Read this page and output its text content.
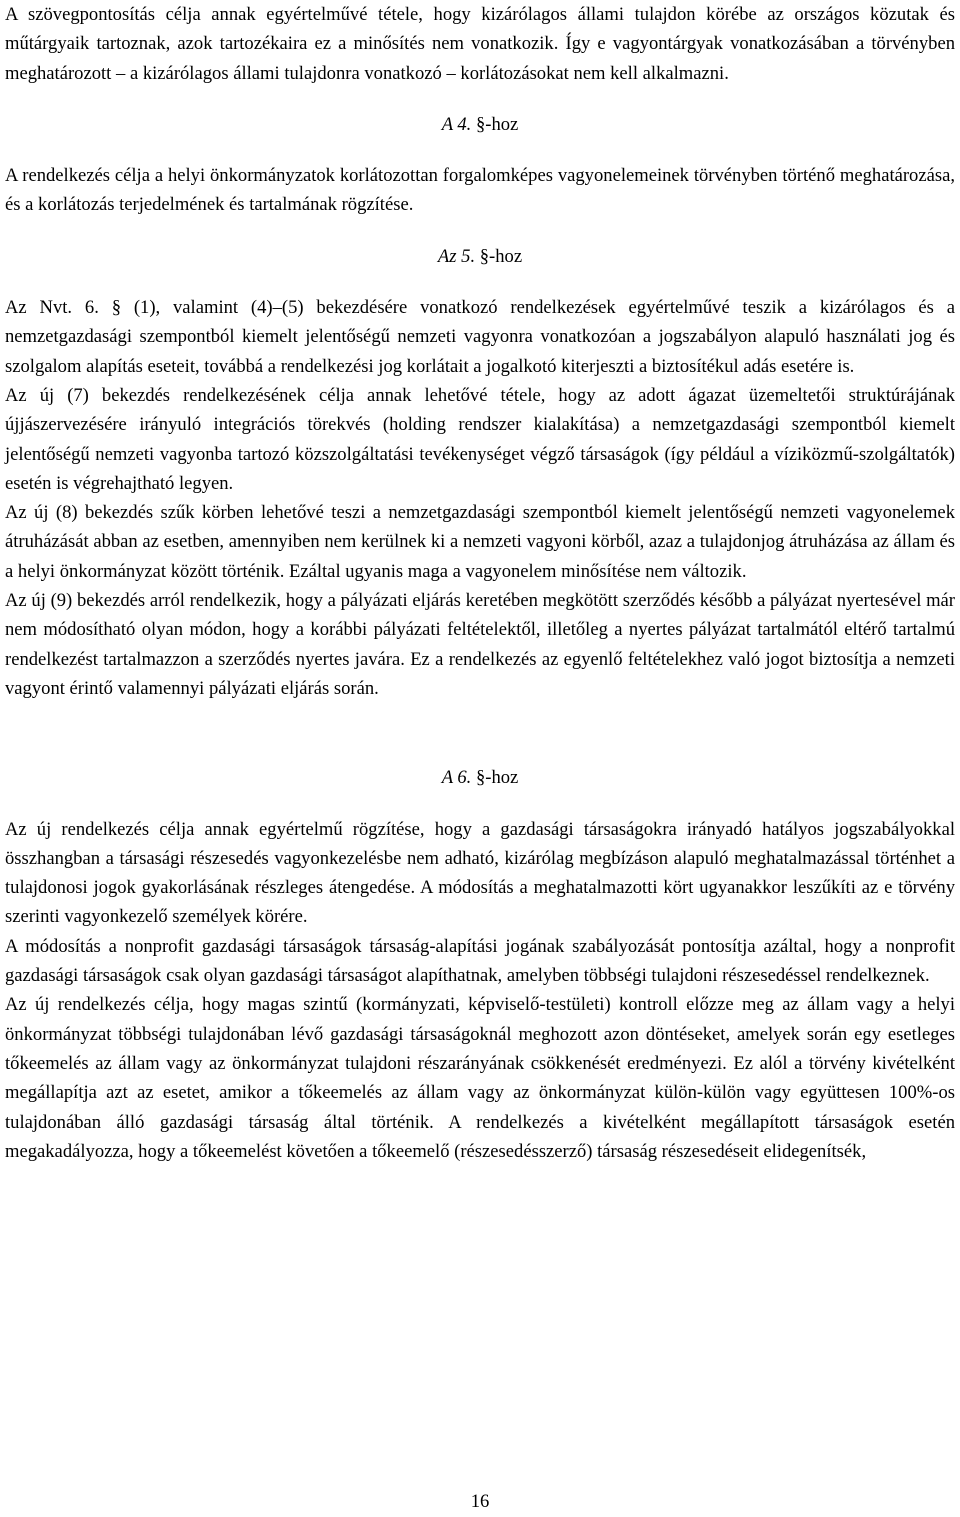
A szövegpontosítás célja annak egyértelművé tétele, hogy kizárólagos állami tulajdon körébe az országos közutak és műtárgyaik tartoznak, azok tartozékaira ez a minősítés nem vonatkozik. Így e vagyontárgyak vonatkozásában a törvényben meghatározott – a kizárólagos állami tulajdonra vonatkozó – korlátozásokat nem kell alkalmazni.

A 4. §-hoz

A rendelkezés célja a helyi önkormányzatok korlátozottan forgalomképes vagyonelemeinek törvényben történő meghatározása, és a korlátozás terjedelmének és tartalmának rögzítése.

Az 5. §-hoz

Az Nvt. 6. § (1), valamint (4)–(5) bekezdésére vonatkozó rendelkezések egyértelművé teszik a kizárólagos és a nemzetgazdasági szempontból kiemelt jelentőségű nemzeti vagyonra vonatkozóan a jogszabályon alapuló használati jog és szolgalom alapítás eseteit, továbbá a rendelkezési jog korlátait a jogalkotó kiterjeszti a biztosítékul adás esetére is.

Az új (7) bekezdés rendelkezésének célja annak lehetővé tétele, hogy az adott ágazat üzemeltetői struktúrájának újjászervezésére irányuló integrációs törekvés (holding rendszer kialakítása) a nemzetgazdasági szempontból kiemelt jelentőségű nemzeti vagyonba tartozó közszolgáltatási tevékenységet végző társaságok (így például a víziközmű-szolgáltatók) esetén is végrehajtható legyen.

Az új (8) bekezdés szűk körben lehetővé teszi a nemzetgazdasági szempontból kiemelt jelentőségű nemzeti vagyonelemek átruházását abban az esetben, amennyiben nem kerülnek ki a nemzeti vagyoni körből, azaz a tulajdonjog átruházása az állam és a helyi önkormányzat között történik. Ezáltal ugyanis maga a vagyonelem minősítése nem változik.

Az új (9) bekezdés arról rendelkezik, hogy a pályázati eljárás keretében megkötött szerződés később a pályázat nyertesével már nem módosítható olyan módon, hogy a korábbi pályázati feltételektől, illetőleg a nyertes pályázat tartalmától eltérő tartalmú rendelkezést tartalmazzon a szerződés nyertes javára. Ez a rendelkezés az egyenlő feltételekhez való jogot biztosítja a nemzeti vagyont érintő valamennyi pályázati eljárás során.

A 6. §-hoz

Az új rendelkezés célja annak egyértelmű rögzítése, hogy a gazdasági társaságokra irányadó hatályos jogszabályokkal összhangban a társasági részesedés vagyonkezelésbe nem adható, kizárólag megbízáson alapuló meghatalmazással történhet a tulajdonosi jogok gyakorlásának részleges átengedése. A módosítás a meghatalmazotti kört ugyanakkor leszűkíti az e törvény szerinti vagyonkezelő személyek körére.

A módosítás a nonprofit gazdasági társaságok társaság-alapítási jogának szabályozását pontosítja azáltal, hogy a nonprofit gazdasági társaságok csak olyan gazdasági társaságot alapíthatnak, amelyben többségi tulajdoni részesedéssel rendelkeznek.

Az új rendelkezés célja, hogy magas szintű (kormányzati, képviselő-testületi) kontroll előzze meg az állam vagy a helyi önkormányzat többségi tulajdonában lévő gazdasági társaságoknál meghozott azon döntéseket, amelyek során egy esetleges tőkeemelés az állam vagy az önkormányzat tulajdoni részarányának csökkenését eredményezi. Ez alól a törvény kivételként megállapítja azt az esetet, amikor a tőkeemelés az állam vagy az önkormányzat külön-külön vagy együttesen 100%-os tulajdonában álló gazdasági társaság által történik. A rendelkezés a kivételként megállapított társaságok esetén megakadályozza, hogy a tőkeemelést követően a tőkeemelő (részesedésszerző) társaság részesedéseit elidegenítsék,

16
